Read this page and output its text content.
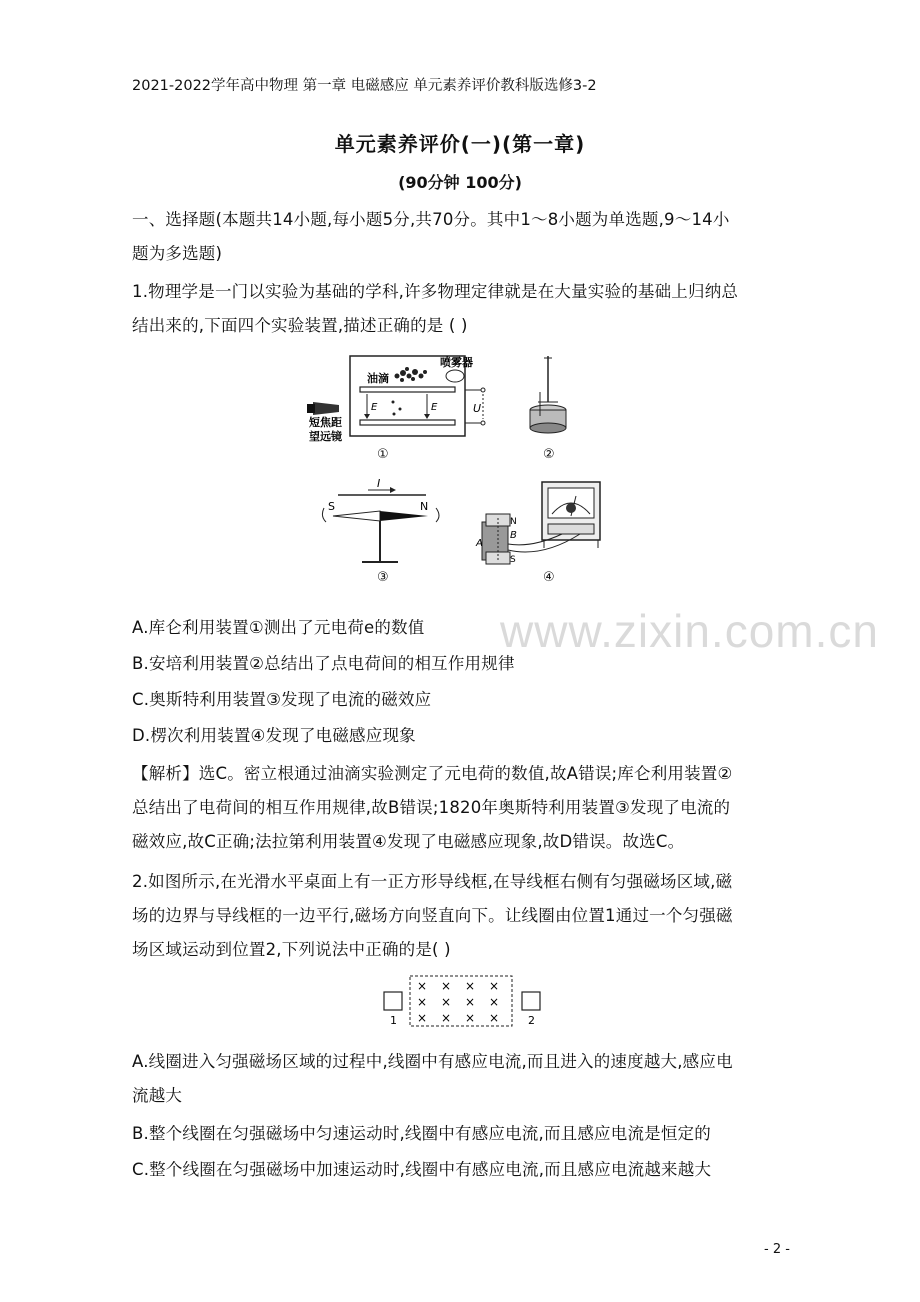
2021-2022学年高中物理 第一章 电磁感应 单元素养评价教科版选修3-2
单元素养评价(一)(第一章)
(90分钟 100分)
一、选择题(本题共14小题,每小题5分,共70分。其中1～8小题为单选题,9～14小
题为多选题)
1.物理学是一门以实验为基础的学科,许多物理定律就是在大量实验的基础上归纳总
结出来的,下面四个实验装置,描述正确的是 ( )
U
E	E
油滴
喷雾器
短焦距
望远镜
①	②
I
S	N
③
A
B
N
S
④
A.库仑利用装置①测出了元电荷e的数值
B.安培利用装置②总结出了点电荷间的相互作用规律
C.奥斯特利用装置③发现了电流的磁效应
D.楞次利用装置④发现了电磁感应现象
【解析】选C。密立根通过油滴实验测定了元电荷的数值,故A错误;库仑利用装置②
总结出了电荷间的相互作用规律,故B错误;1820年奥斯特利用装置③发现了电流的
磁效应,故C正确;法拉第利用装置④发现了电磁感应现象,故D错误。故选C。
2.如图所示,在光滑水平桌面上有一正方形导线框,在导线框右侧有匀强磁场区域,磁
场的边界与导线框的一边平行,磁场方向竖直向下。让线圈由位置1通过一个匀强磁
场区域运动到位置2,下列说法中正确的是( )
1
× × × ×
× × × ×
× × × ×	2
A.线圈进入匀强磁场区域的过程中,线圈中有感应电流,而且进入的速度越大,感应电
流越大
B.整个线圈在匀强磁场中匀速运动时,线圈中有感应电流,而且感应电流是恒定的
C.整个线圈在匀强磁场中加速运动时,线圈中有感应电流,而且感应电流越来越大
www.zixin.com.cn
- 2 -
